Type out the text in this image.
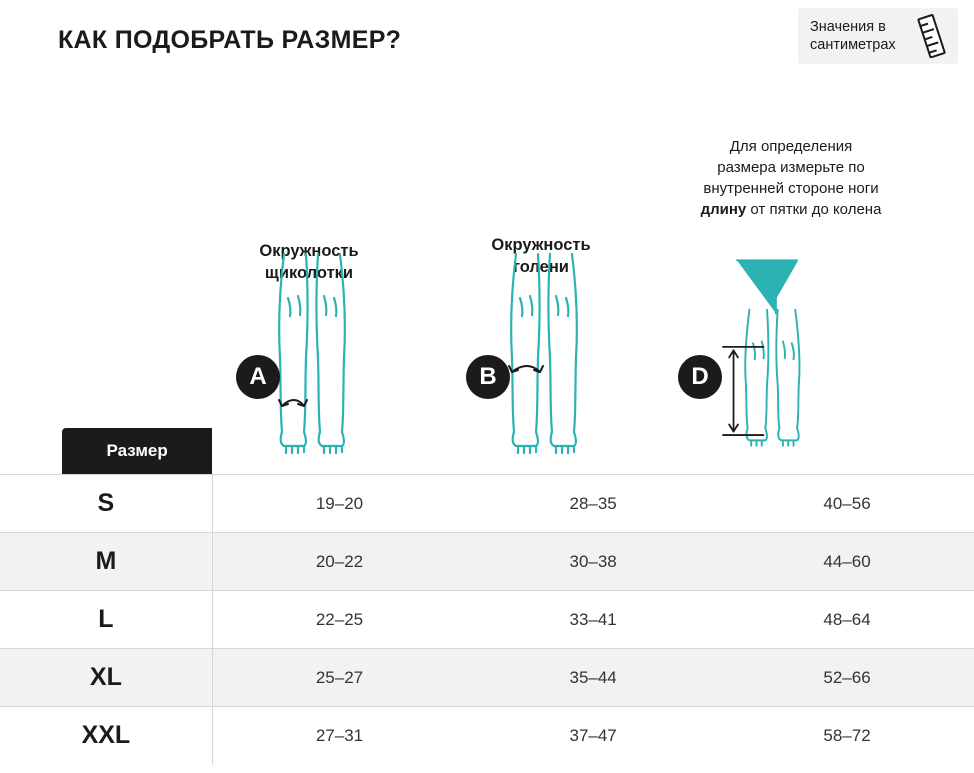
КАК ПОДОБРАТЬ РАЗМЕР?	Значения в сантиметрах
Для определения
размера измерьте по
внутренней стороне ноги
длину от пятки до колена
Окружность
щиколотки
Окружность
голени
A	B	D
Размер			

S	19–20	28–35	40–56
M	20–22	30–38	44–60
L	22–25	33–41	48–64
XL	25–27	35–44	52–66
XXL	27–31	37–47	58–72
